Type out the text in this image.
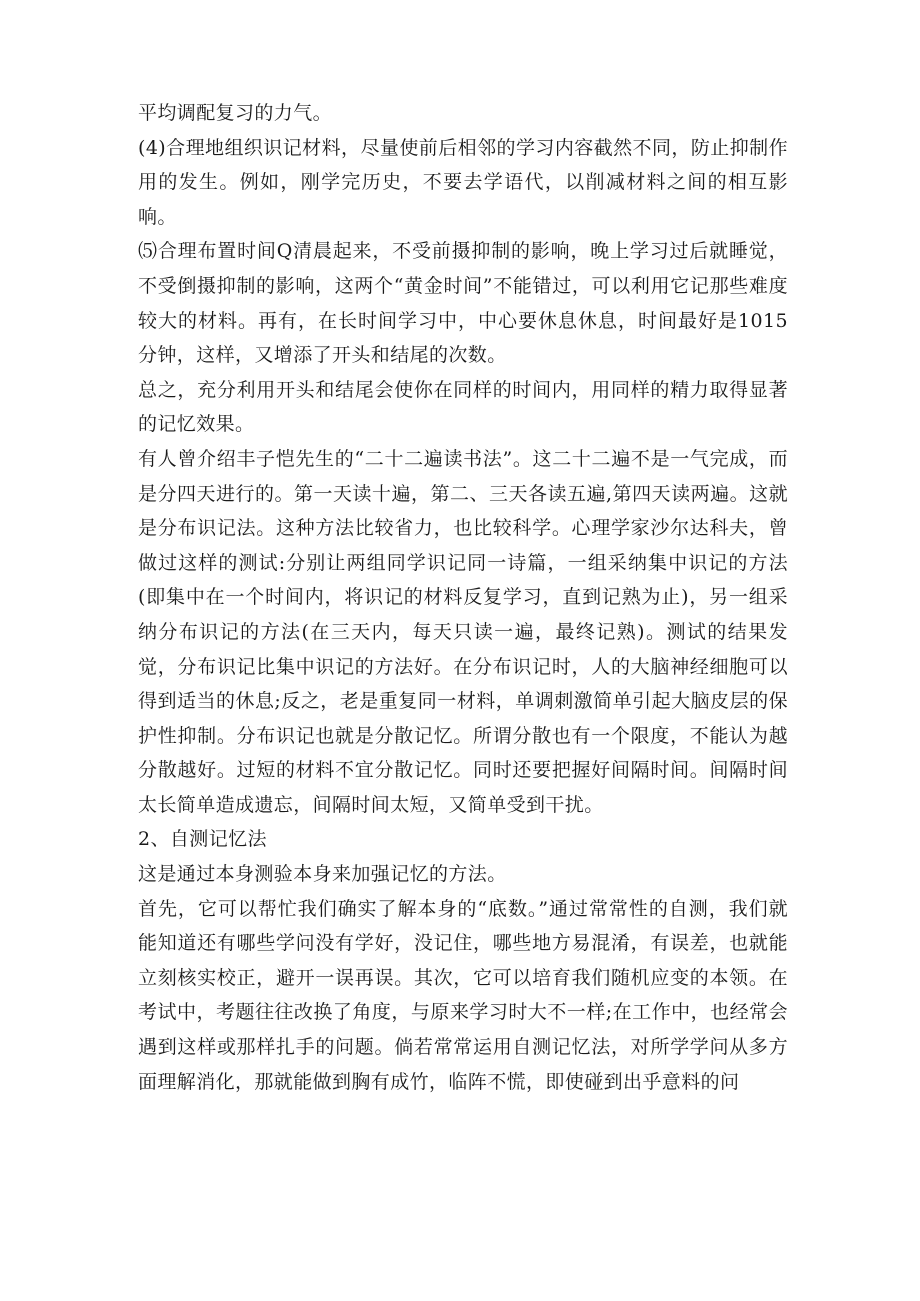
平均调配复习的力气。

(4)合理地组织识记材料，尽量使前后相邻的学习内容截然不同，防止抑制作用的发生。例如，刚学完历史，不要去学语代，以削减材料之间的相互影响。

⑸合理布置时间Q清晨起来，不受前摄抑制的影响，晚上学习过后就睡觉，不受倒摄抑制的影响，这两个“黄金时间”不能错过，可以利用它记那些难度较大的材料。再有，在长时间学习中，中心要休息休息，时间最好是1015分钟，这样，又增添了开头和结尾的次数。

总之，充分利用开头和结尾会使你在同样的时间内，用同样的精力取得显著的记忆效果。

有人曾介绍丰子恺先生的“二十二遍读书法”。这二十二遍不是一气完成，而是分四天进行的。第一天读十遍，第二、三天各读五遍,第四天读两遍。这就是分布识记法。这种方法比较省力，也比较科学。心理学家沙尔达科夫，曾做过这样的测试:分别让两组同学识记同一诗篇，一组采纳集中识记的方法(即集中在一个时间内，将识记的材料反复学习，直到记熟为止)，另一组采纳分布识记的方法(在三天内，每天只读一遍，最终记熟)。测试的结果发觉，分布识记比集中识记的方法好。在分布识记时，人的大脑神经细胞可以得到适当的休息;反之，老是重复同一材料，单调刺激简单引起大脑皮层的保护性抑制。分布识记也就是分散记忆。所谓分散也有一个限度，不能认为越分散越好。过短的材料不宜分散记忆。同时还要把握好间隔时间。间隔时间太长简单造成遗忘，间隔时间太短，又简单受到干扰。

2、自测记忆法

这是通过本身测验本身来加强记忆的方法。

首先，它可以帮忙我们确实了解本身的“底数。”通过常常性的自测，我们就能知道还有哪些学问没有学好，没记住，哪些地方易混淆，有误差，也就能立刻核实校正，避开一误再误。其次，它可以培育我们随机应变的本领。在考试中，考题往往改换了角度，与原来学习时大不一样;在工作中，也经常会遇到这样或那样扎手的问题。倘若常常运用自测记忆法，对所学学问从多方面理解消化，那就能做到胸有成竹，临阵不慌，即使碰到出乎意料的问
